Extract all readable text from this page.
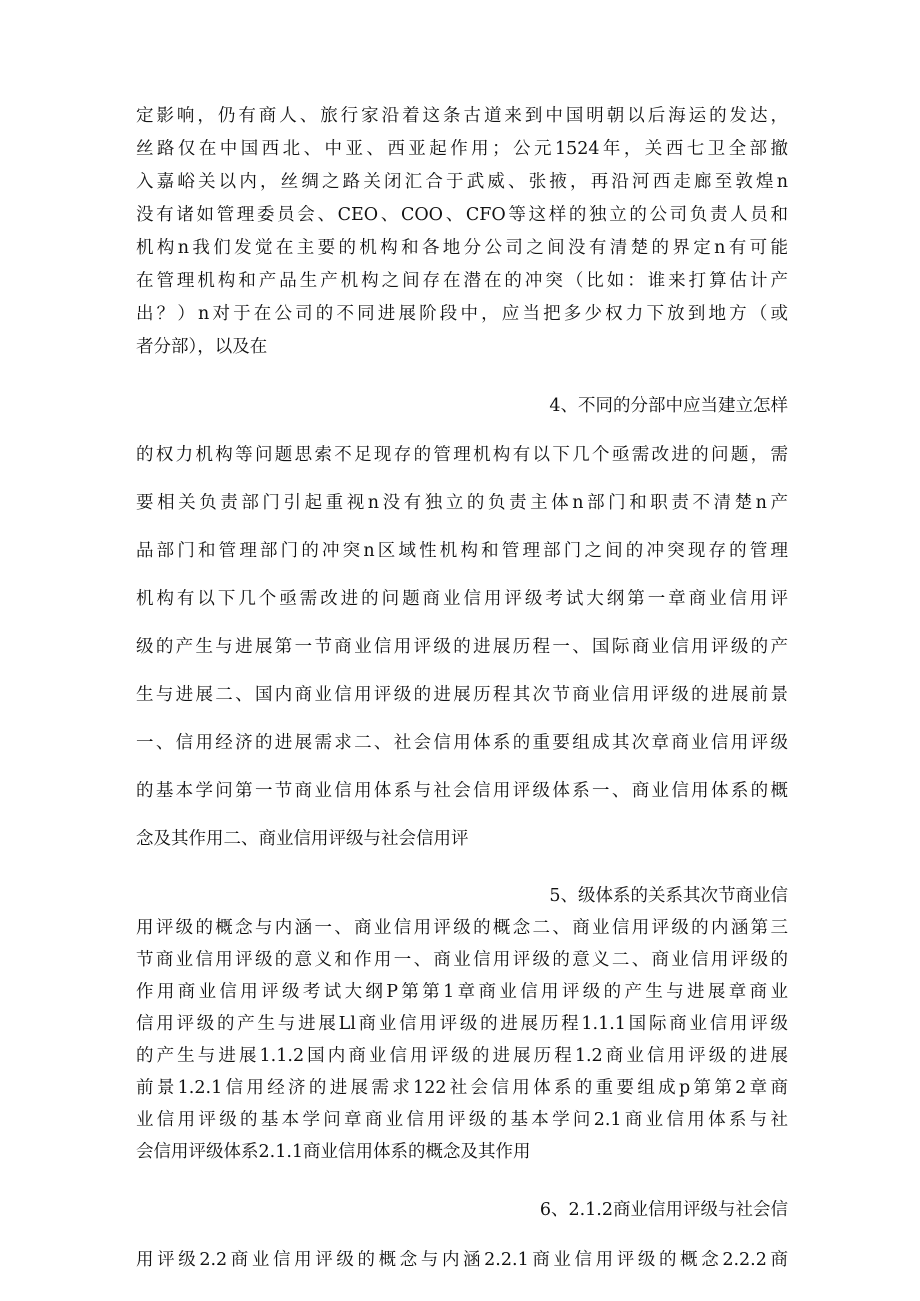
定影响，仍有商人、旅行家沿着这条古道来到中国明朝以后海运的发达，
丝路仅在中国西北、中亚、西亚起作用；公元1524年，关西七卫全部撤
入嘉峪关以内，丝绸之路关闭汇合于武威、张掖，再沿河西走廊至敦煌n
没有诸如管理委员会、CEO、COO、CFO等这样的独立的公司负责人员和
机构n我们发觉在主要的机构和各地分公司之间没有清楚的界定n有可能
在管理机构和产品生产机构之间存在潜在的冲突（比如：谁来打算估计产
出？）n对于在公司的不同进展阶段中，应当把多少权力下放到地方（或
者分部），以及在
4、不同的分部中应当建立怎样
的权力机构等问题思索不足现存的管理机构有以下几个亟需改进的问题，需
要相关负责部门引起重视n没有独立的负责主体n部门和职责不清楚n产
品部门和管理部门的冲突n区域性机构和管理部门之间的冲突现存的管理
机构有以下几个亟需改进的问题商业信用评级考试大纲第一章商业信用评
级的产生与进展第一节商业信用评级的进展历程一、国际商业信用评级的产
生与进展二、国内商业信用评级的进展历程其次节商业信用评级的进展前景
一、信用经济的进展需求二、社会信用体系的重要组成其次章商业信用评级
的基本学问第一节商业信用体系与社会信用评级体系一、商业信用体系的概
念及其作用二、商业信用评级与社会信用评
5、级体系的关系其次节商业信
用评级的概念与内涵一、商业信用评级的概念二、商业信用评级的内涵第三
节商业信用评级的意义和作用一、商业信用评级的意义二、商业信用评级的
作用商业信用评级考试大纲P第第1章商业信用评级的产生与进展章商业
信用评级的产生与进展Ll商业信用评级的进展历程1.1.1国际商业信用评级
的产生与进展1.1.2国内商业信用评级的进展历程1.2商业信用评级的进展
前景1.2.1信用经济的进展需求122社会信用体系的重要组成p第第2章商
业信用评级的基本学问章商业信用评级的基本学问2.1商业信用体系与社
会信用评级体系2.1.1商业信用体系的概念及其作用
6、2.1.2商业信用评级与社会信
用评级2.2商业信用评级的概念与内涵2.2.1商业信用评级的概念2.2.2商
